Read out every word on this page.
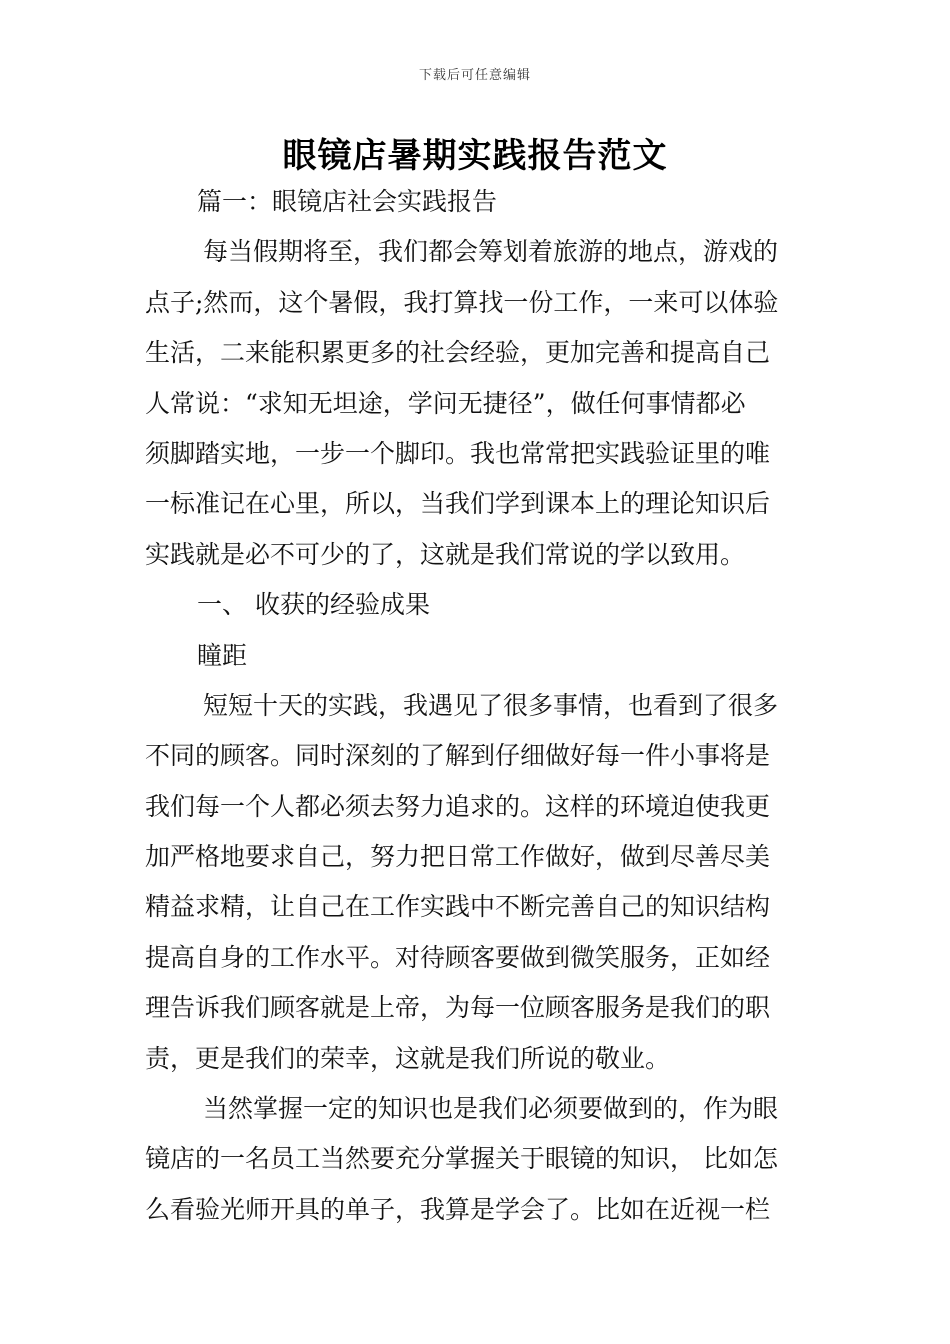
下载后可任意编辑
眼镜店暑期实践报告范文
篇一：眼镜店社会实践报告
每当假期将至，我们都会筹划着旅游的地点，游戏的
点子;然而，这个暑假，我打算找一份工作，一来可以体验
生活，二来能积累更多的社会经验，更加完善和提高自己
人常说：“求知无坦途，学问无捷径”，做任何事情都必
须脚踏实地，一步一个脚印。我也常常把实践验证里的唯
一标准记在心里，所以，当我们学到课本上的理论知识后
实践就是必不可少的了，这就是我们常说的学以致用。
一、 收获的经验成果
瞳距
短短十天的实践，我遇见了很多事情，也看到了很多
不同的顾客。同时深刻的了解到仔细做好每一件小事将是
我们每一个人都必须去努力追求的。这样的环境迫使我更
加严格地要求自己，努力把日常工作做好，做到尽善尽美
精益求精，让自己在工作实践中不断完善自己的知识结构
提高自身的工作水平。对待顾客要做到微笑服务，正如经
理告诉我们顾客就是上帝，为每一位顾客服务是我们的职
责，更是我们的荣幸，这就是我们所说的敬业。
当然掌握一定的知识也是我们必须要做到的，作为眼
镜店的一名员工当然要充分掌握关于眼镜的知识， 比如怎
么看验光师开具的单子，我算是学会了。比如在近视一栏
